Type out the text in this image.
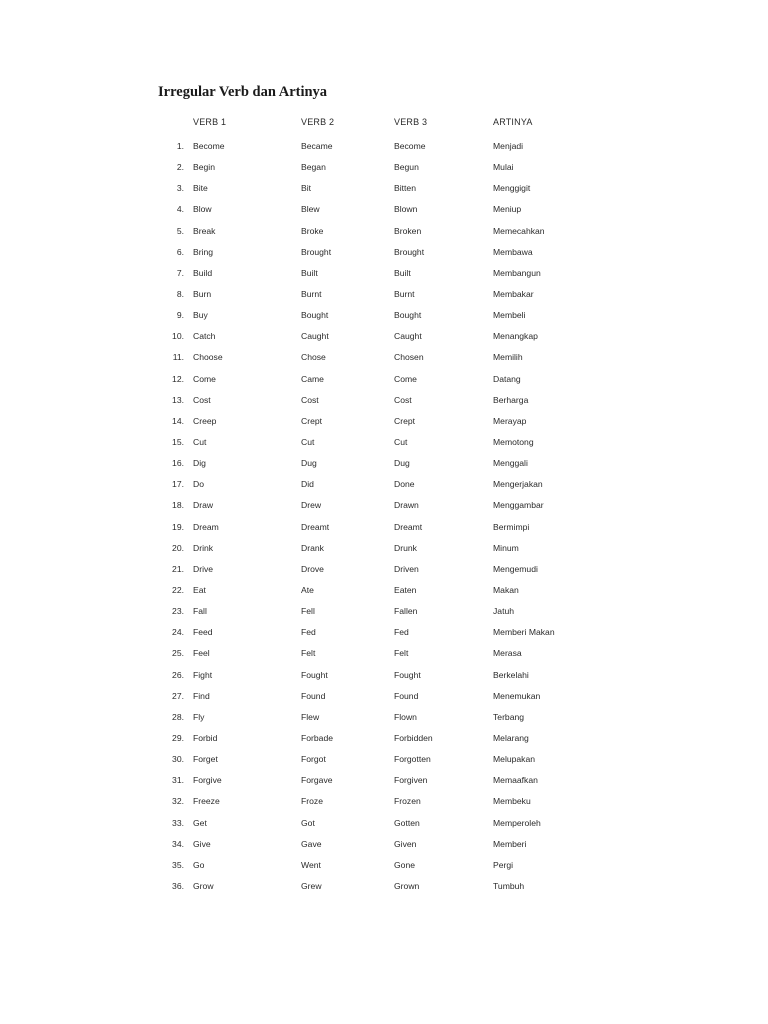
Irregular Verb dan Artinya
VERB 1	VERB 2	VERB 3	ARTINYA
1. Become	Became	Become	Menjadi
2. Begin	Began	Begun	Mulai
3. Bite	Bit	Bitten	Menggigit
4. Blow	Blew	Blown	Meniup
5. Break	Broke	Broken	Memecahkan
6. Bring	Brought	Brought	Membawa
7. Build	Built	Built	Membangun
8. Burn	Burnt	Burnt	Membakar
9. Buy	Bought	Bought	Membeli
10. Catch	Caught	Caught	Menangkap
11. Choose	Chose	Chosen	Memilih
12. Come	Came	Come	Datang
13. Cost	Cost	Cost	Berharga
14. Creep	Crept	Crept	Merayap
15. Cut	Cut	Cut	Memotong
16. Dig	Dug	Dug	Menggali
17. Do	Did	Done	Mengerjakan
18. Draw	Drew	Drawn	Menggambar
19. Dream	Dreamt	Dreamt	Bermimpi
20. Drink	Drank	Drunk	Minum
21. Drive	Drove	Driven	Mengemudi
22. Eat	Ate	Eaten	Makan
23. Fall	Fell	Fallen	Jatuh
24. Feed	Fed	Fed	Memberi Makan
25. Feel	Felt	Felt	Merasa
26. Fight	Fought	Fought	Berkelahi
27. Find	Found	Found	Menemukan
28. Fly	Flew	Flown	Terbang
29. Forbid	Forbade	Forbidden	Melarang
30. Forget	Forgot	Forgotten	Melupakan
31. Forgive	Forgave	Forgiven	Memaafkan
32. Freeze	Froze	Frozen	Membeku
33. Get	Got	Gotten	Memperoleh
34. Give	Gave	Given	Memberi
35. Go	Went	Gone	Pergi
36. Grow	Grew	Grown	Tumbuh
